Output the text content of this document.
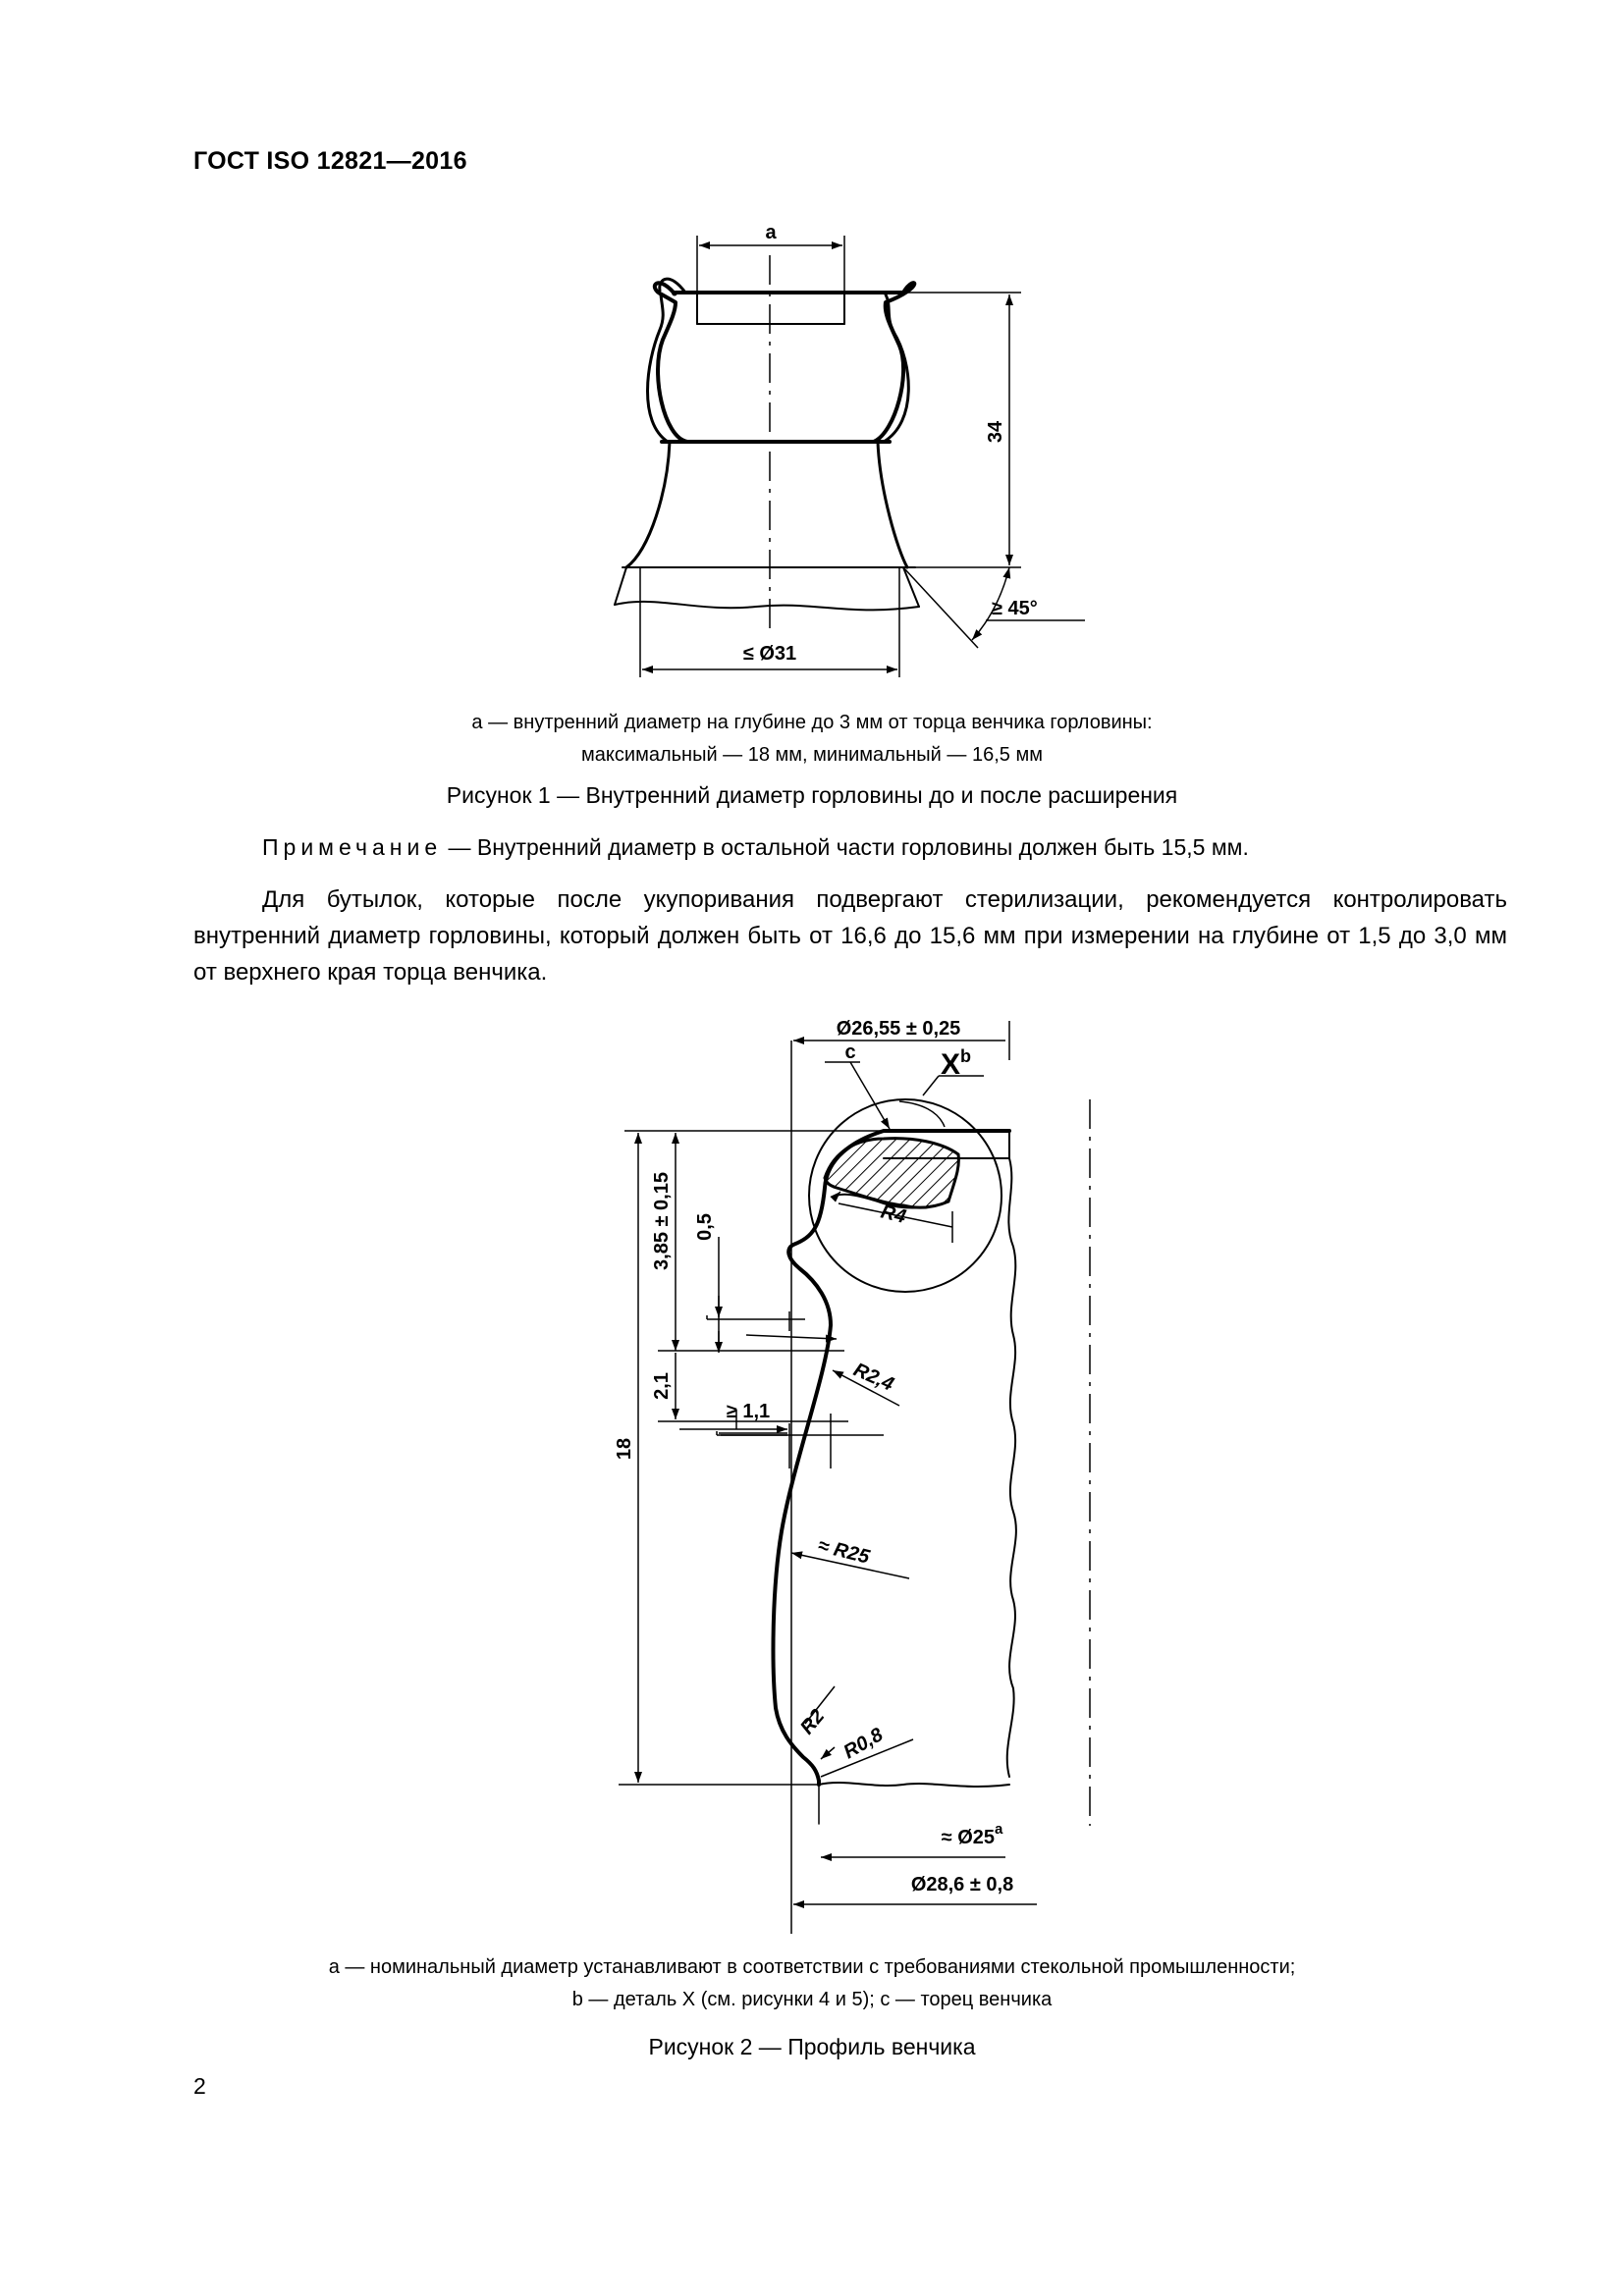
ГОСТ ISO 12821—2016
a
34
≥ 45°
≤ Ø31
a — внутренний диаметр на глубине до 3 мм от торца венчика горловины:
максимальный — 18 мм, минимальный — 16,5 мм
Рисунок 1 — Внутренний диаметр горловины до и после расширения
Примечание — Внутренний диаметр в остальной части горловины должен быть 15,5 мм.
Для бутылок, которые после укупоривания подвергают стерилизации, рекомендуется контролировать внутренний диаметр горловины, который должен быть от 16,6 до 15,6 мм при измерении на глубине от 1,5 до 3,0 мм от верхнего края торца венчика.
Ø26,55 ± 0,25
c	$X^b$
3,85 ± 0,15 0,5
2,1
18
≥ 1,1
R4
R2,4
≈ R25
R2
R0,8
≈ $Ø25^a$
Ø28,6 ± 0,8
a — номинальный диаметр устанавливают в соответствии с требованиями стекольной промышленности;
b — деталь X (см. рисунки 4 и 5); c — торец венчика
Рисунок 2 — Профиль венчика
2
